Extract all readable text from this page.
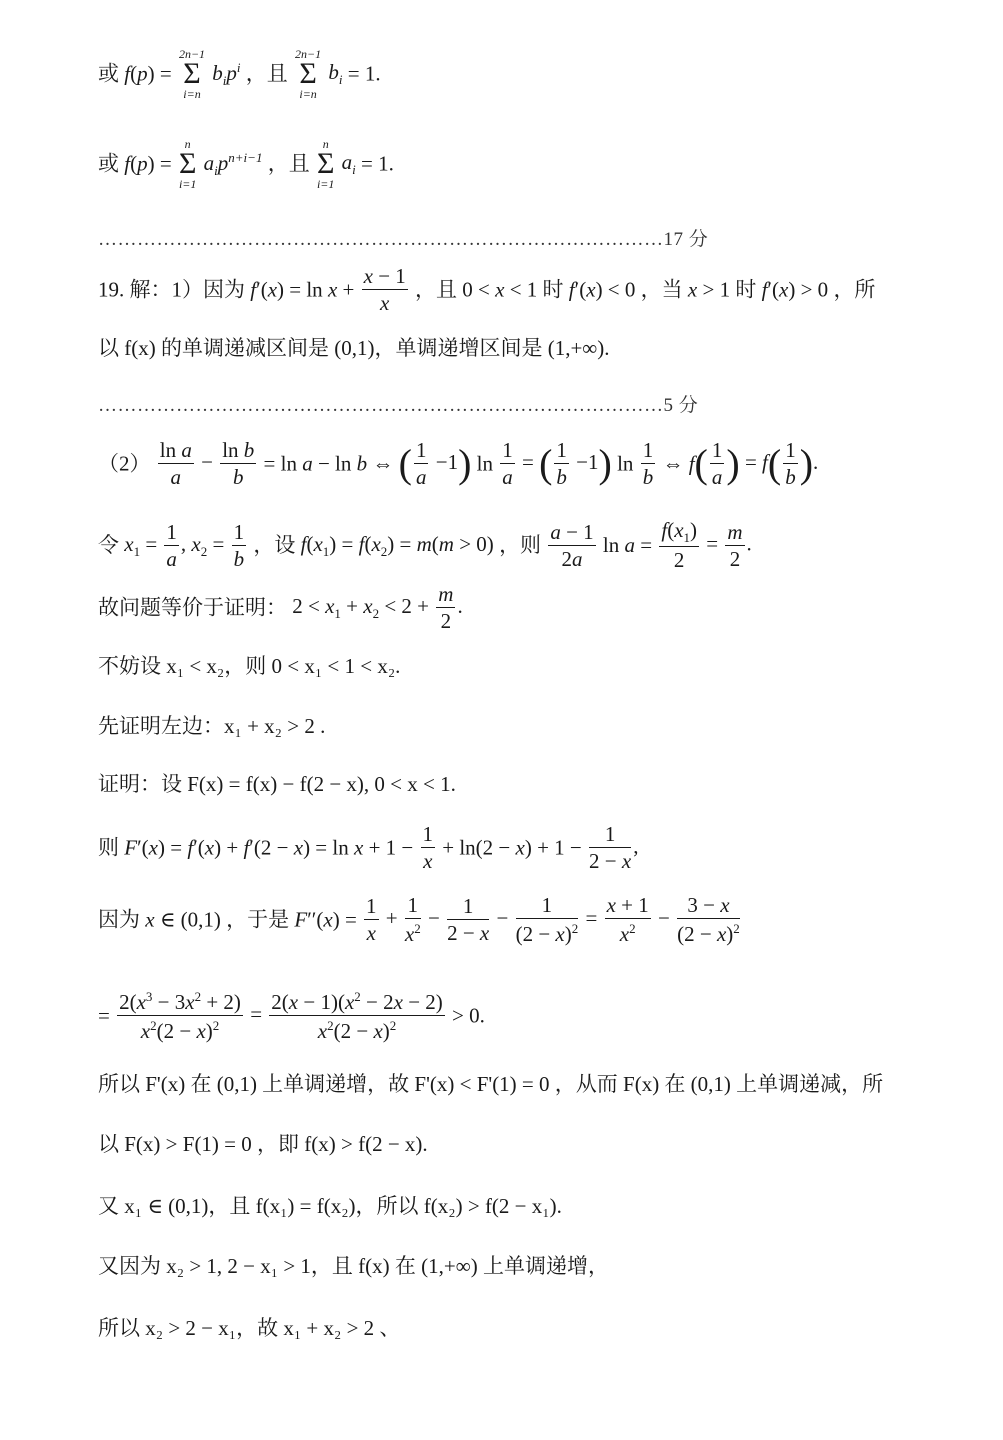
或 f(p) =
2n−1
Σ
i=n
$b_ip^i$ ，且
2n−1
Σ
i=n
$b_i = 1$.
或 f(p) =
n
Σ
i=1
$a_ip^{n+i-1}$ ，且
n
Σ
i=1
$a_i = 1$.
……………………………………………………………………………17 分
19. 解：1）因为 $f'(x) = \ln x + \frac{x - 1}{x}$ ，且 0 < x < 1 时 f′(x) < 0 ，当 x > 1 时 f′(x) > 0 ，所
以 f(x) 的单调递减区间是 (0,1)，单调递增区间是 (1,+∞).
……………………………………………………………………………5 分
$(2) \frac{\text{ln a}}{a} - \frac{\text{ln b}}{b} = \ln a - \ln b$ ⇔ ( $\frac{1}{a} -1$) $\ln \frac{1}{a}$ = ( $\frac{1}{b} -1$) $\ln \frac{1}{b}$ ⇔ $f( \frac{1}{a}$ ) = $f( \frac{1}{b}$ ).
令 $x_1 = \frac{1}{a}$ , $x_2 = \frac{1}{b}$ ，设 $f(x_1) = f(x_2) = m(m > 0)$ ，则 $\frac{a - 1}{2a}$ $\ln a = \frac{f(x_1)}{2} = \frac{m}{2}$ .
故问题等价于证明： $2 < x_1 + x_2 < 2 + \frac{m}{2}$ .
不妨设 x₁ < x₂，则 0 < x₁ < 1 < x₂.
先证明左边：x₁ + x₂ > 2 .
证明：设 F(x) = f(x) − f(2 − x), 0 < x < 1.
则 $F'(x) = f'(x) + f'(2 - x) = \ln x + 1 - \frac{1}{x} + \ln(2 - x) + 1 - \frac{1}{2 - x}$ ,
因为 x ∈ (0,1) ，于是 $F''(x) = \frac{1}{x} + \frac{1}{x^2} - \frac{1}{2 - x} - \frac{1}{(2 - x)^2} = \frac{x + 1}{x^2} - \frac{3 - x}{(2 - x)^2}$
= $\frac{2(x^3 - 3x^2 + 2)}{x^2(2 - x)^2} = \frac{2(x - 1)(x^2 - 2x - 2)}{x^2(2 - x)^2} > 0$.
所以 F'(x) 在 (0,1) 上单调递增，故 F'(x) < F'(1) = 0 ，从而 F(x) 在 (0,1) 上单调递减，所
以 F(x) > F(1) = 0 ，即 f(x) > f(2 − x).
又 x₁ ∈ (0,1)，且 f(x₁) = f(x₂)，所以 f(x₂) > f(2 − x₁).
又因为 x₂ > 1, 2 − x₁ > 1，且 f(x) 在 (1,+∞) 上单调递增，
所以 x₂ > 2 − x₁，故 x₁ + x₂ > 2 、
